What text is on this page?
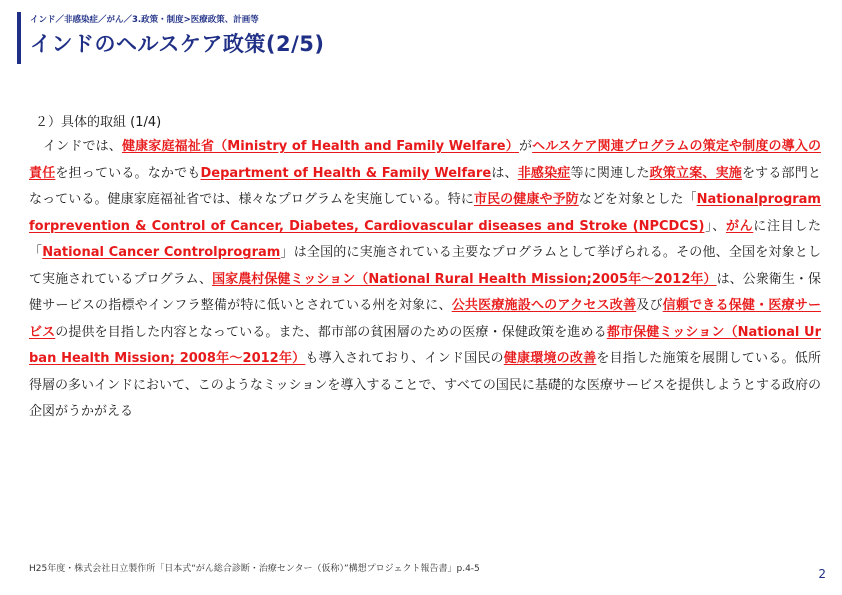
インド／非感染症／がん／3.政策・制度>医療政策、計画等
インドのヘルスケア政策(2/5)
２）具体的取組 (1/4)

インドでは、健康家庭福祉省（Ministry of Health and Family Welfare）がヘルスケア関連プログラムの策定や制度の導入の責任を担っている。なかでもDepartment of Health & Family Welfareは、非感染症等に関連した政策立案、実施をする部門となっている。健康家庭福祉省では、様々なプログラムを実施している。特に市民の健康や予防などを対象とした「Nationalprogram forprevention & Control of Cancer, Diabetes, Cardiovascular diseases and Stroke (NPCDCS)」、がんに注目した「National Cancer Controlprogram」は全国的に実施されている主要なプログラムとして挙げられる。その他、全国を対象として実施されているプログラム、国家農村保健ミッション（National Rural Health Mission;2005年～2012年）は、公衆衛生・保健サービスの指標やインフラ整備が特に低いとされている州を対象に、公共医療施設へのアクセス改善及び信頼できる保健・医療サービスの提供を目指した内容となっている。また、都市部の貧困層のための医療・保健政策を進める都市保健ミッション（National Urban Health Mission; 2008年～2012年）も導入されており、インド国民の健康環境の改善を目指した施策を展開している。低所得層の多いインドにおいて、このようなミッションを導入することで、すべての国民に基礎的な医療サービスを提供しようとする政府の企図がうかがえる

H25年度・株式会社日立製作所「日本式“がん総合診断・治療センター（仮称）”構想プロジェクト報告書」p.4-5	2
